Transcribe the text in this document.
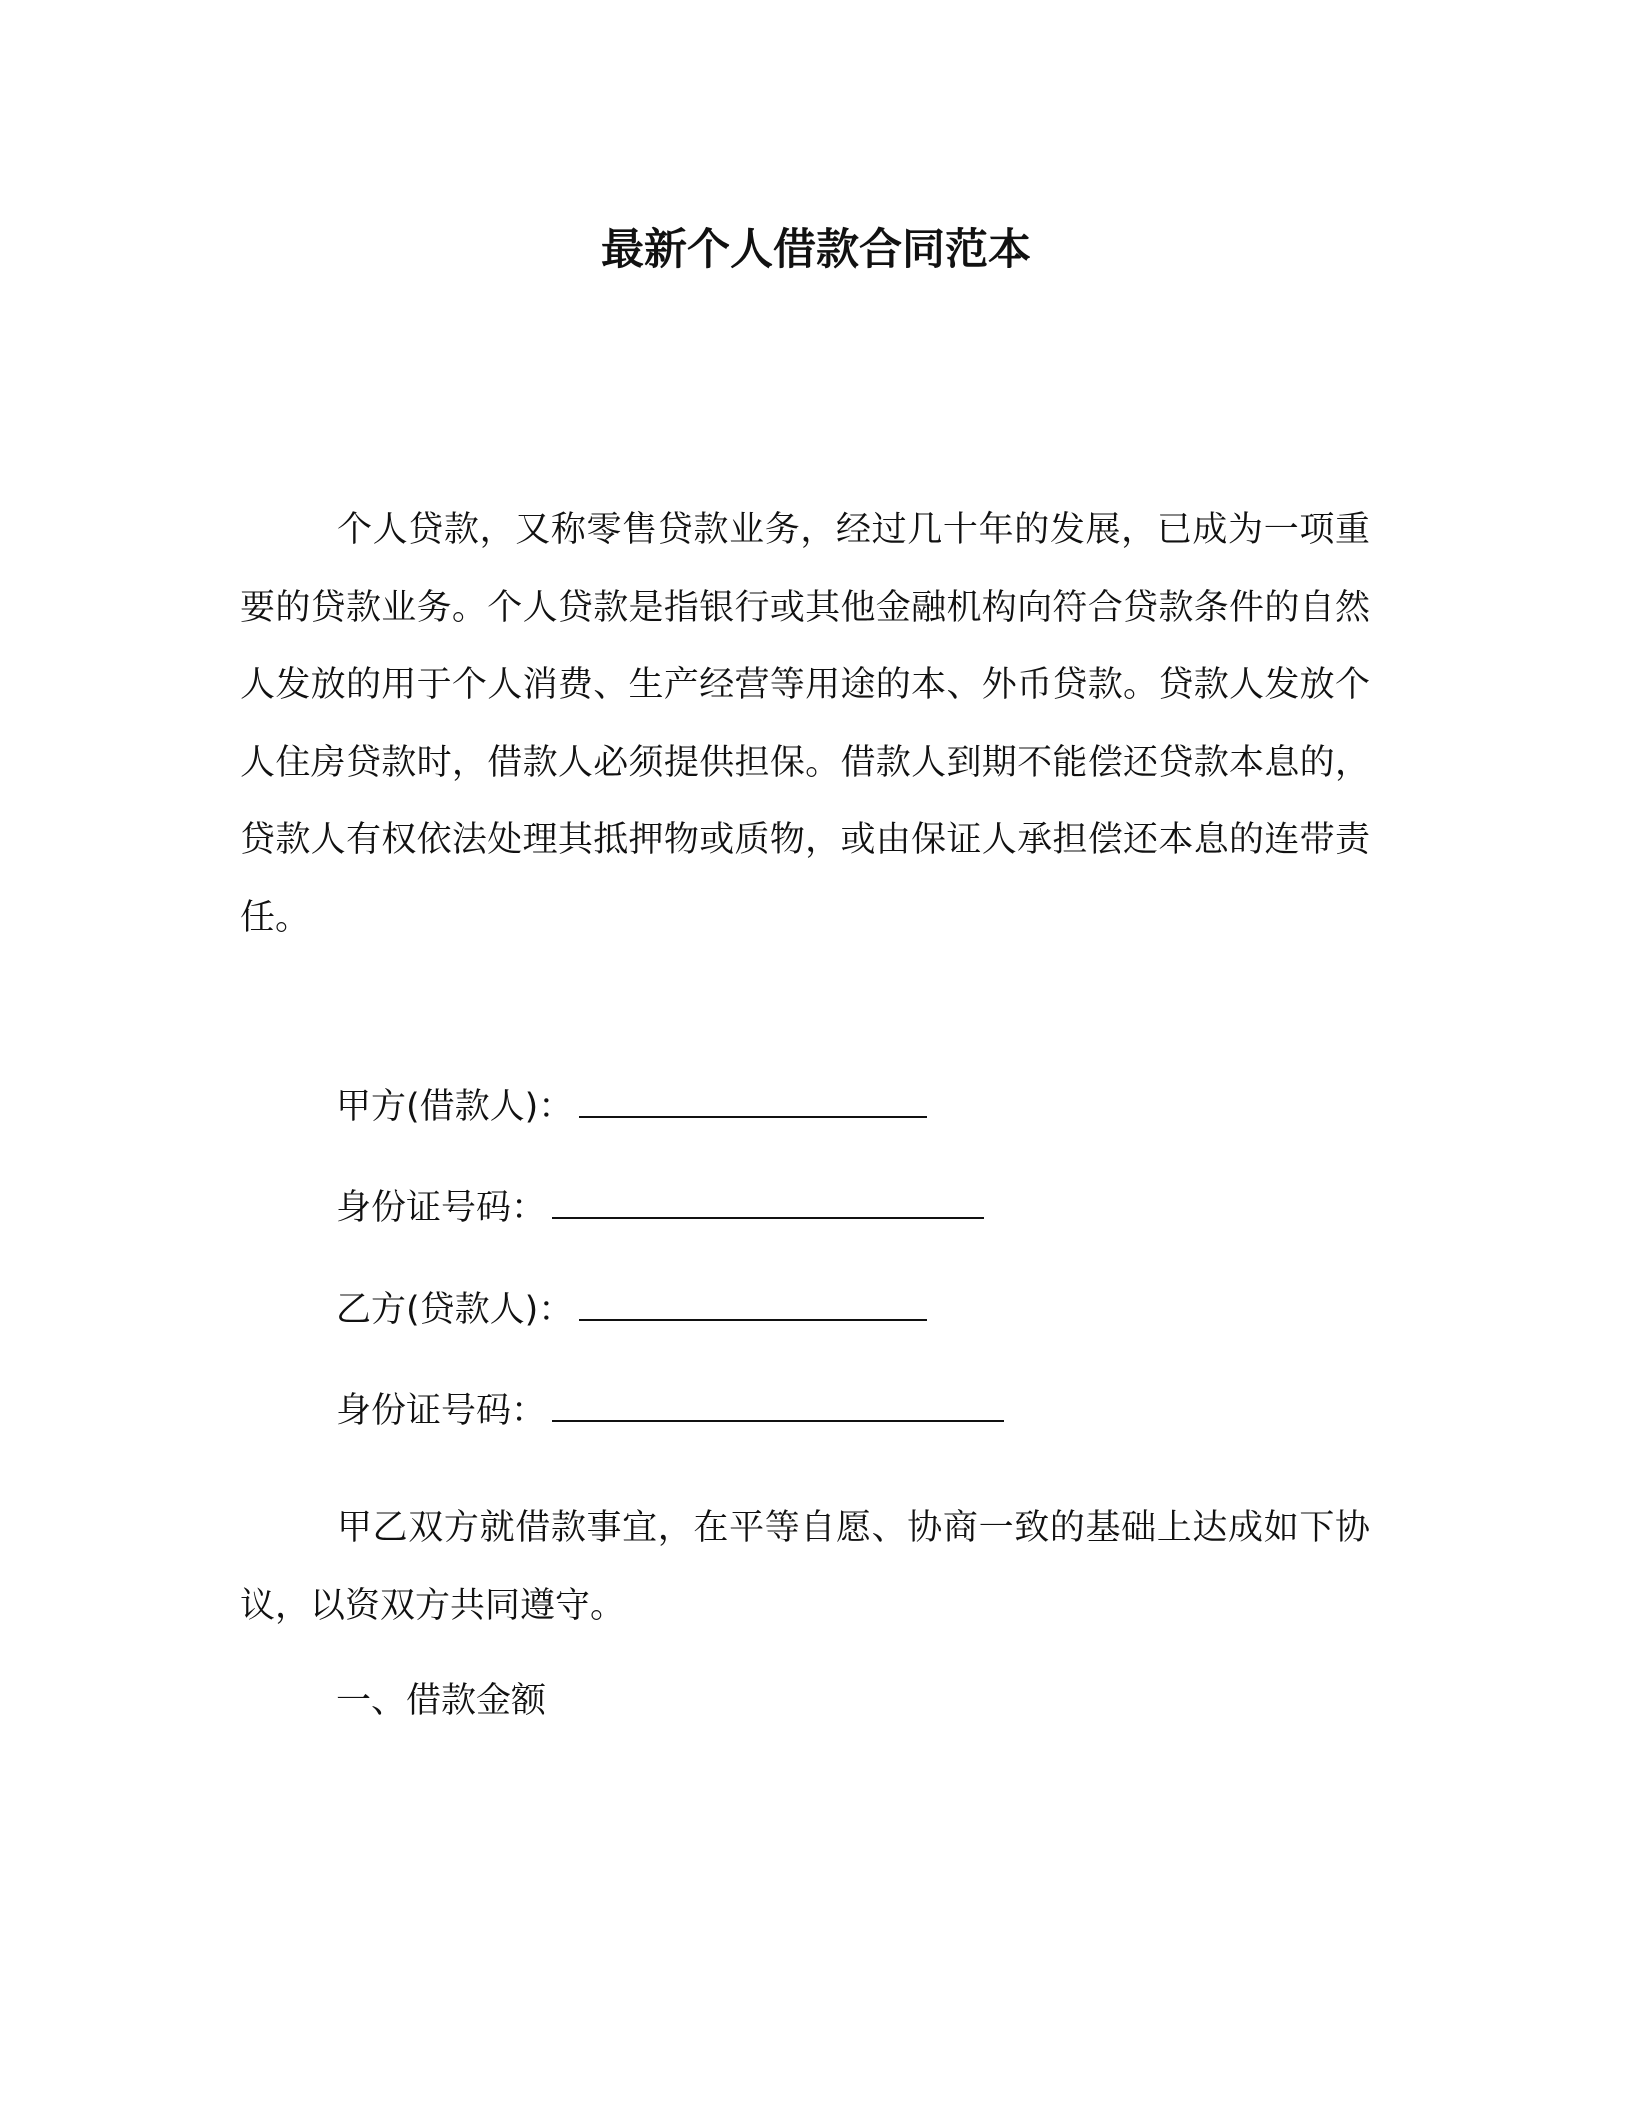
最新个人借款合同范本

个人贷款，又称零售贷款业务，经过几十年的发展，已成为一项重要的贷款业务。个人贷款是指银行或其他金融机构向符合贷款条件的自然人发放的用于个人消费、生产经营等用途的本、外币贷款。贷款人发放个人住房贷款时，借款人必须提供担保。借款人到期不能偿还贷款本息的，贷款人有权依法处理其抵押物或质物，或由保证人承担偿还本息的连带责任。

甲方(借款人)：
身份证号码：
乙方(贷款人)：
身份证号码：

甲乙双方就借款事宜，在平等自愿、协商一致的基础上达成如下协议，以资双方共同遵守。

一、借款金额
